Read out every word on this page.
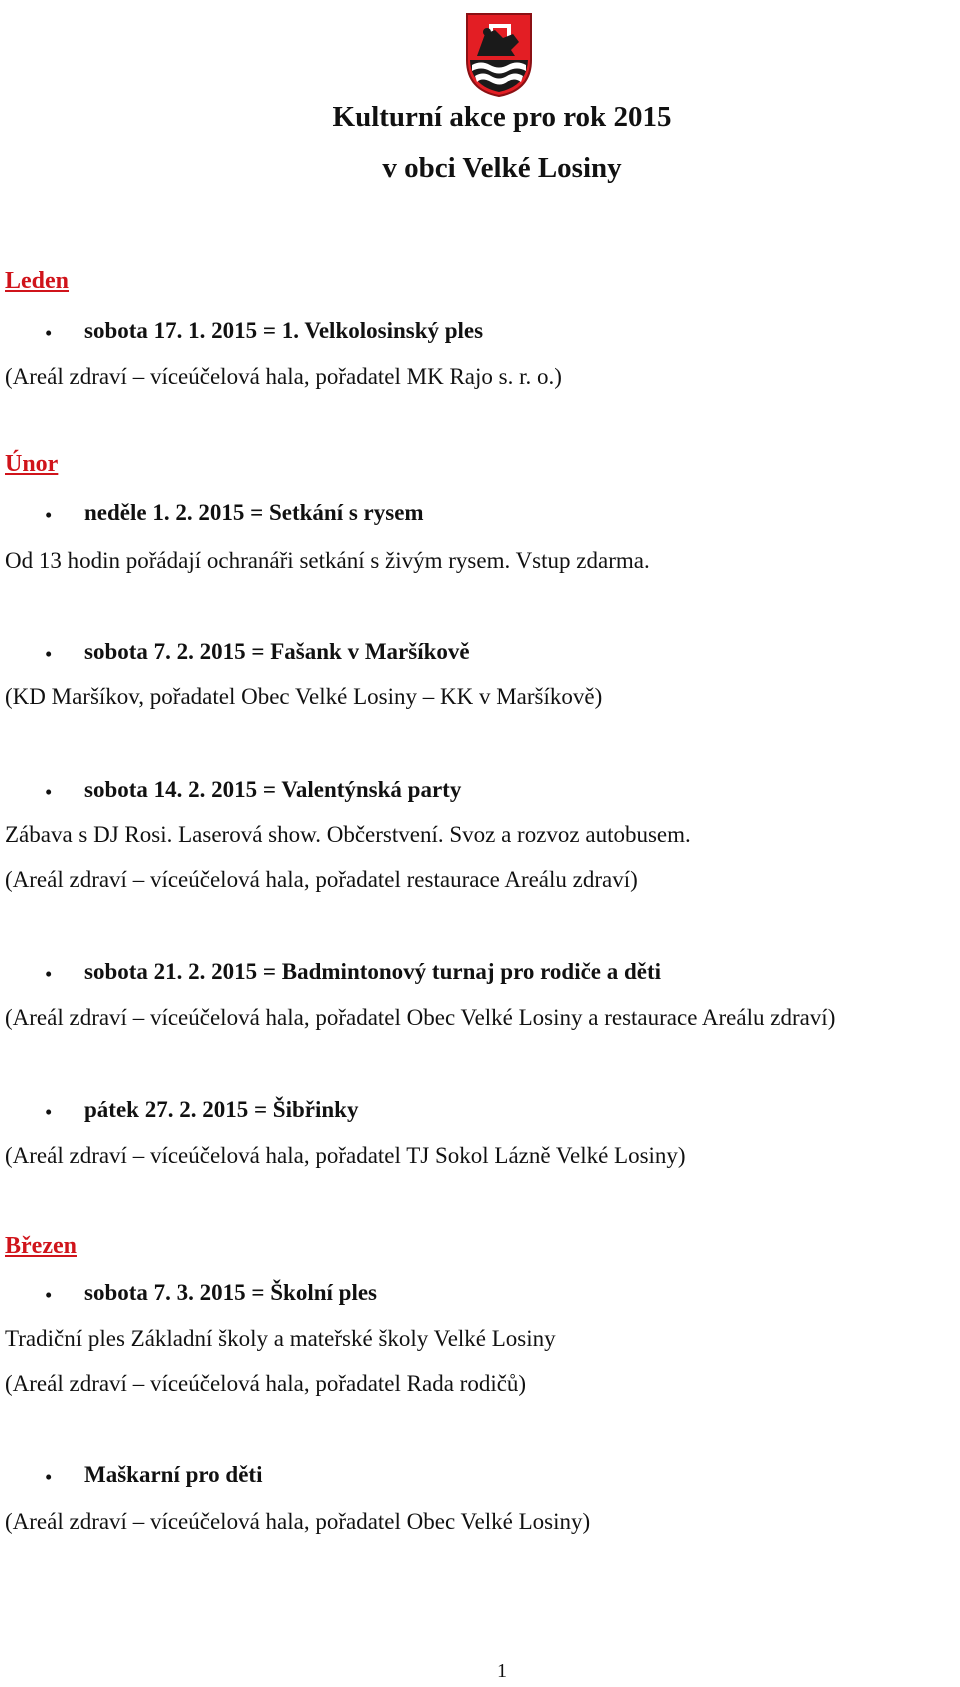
Kulturní akce pro rok 2015
v obci Velké Losiny
Leden
• sobota 17. 1. 2015 = 1. Velkolosinský ples
(Areál zdraví – víceúčelová hala, pořadatel MK Rajo s. r. o.)
Únor
• neděle 1. 2. 2015 = Setkání s rysem
Od 13 hodin pořádají ochranáři setkání s živým rysem. Vstup zdarma.
• sobota 7. 2. 2015 = Fašank v Maršíkově
(KD Maršíkov, pořadatel Obec Velké Losiny – KK v Maršíkově)
• sobota 14. 2. 2015 = Valentýnská party
Zábava s DJ Rosi. Laserová show. Občerstvení. Svoz a rozvoz autobusem.
(Areál zdraví – víceúčelová hala, pořadatel restaurace Areálu zdraví)
• sobota 21. 2. 2015 = Badmintonový turnaj pro rodiče a děti
(Areál zdraví – víceúčelová hala, pořadatel Obec Velké Losiny a restaurace Areálu zdraví)
• pátek 27. 2. 2015 = Šibřinky
(Areál zdraví – víceúčelová hala, pořadatel TJ Sokol Lázně Velké Losiny)
Březen
• sobota 7. 3. 2015 = Školní ples
Tradiční ples Základní školy a mateřské školy Velké Losiny
(Areál zdraví – víceúčelová hala, pořadatel Rada rodičů)
• Maškarní pro děti
(Areál zdraví – víceúčelová hala, pořadatel Obec Velké Losiny)
1
